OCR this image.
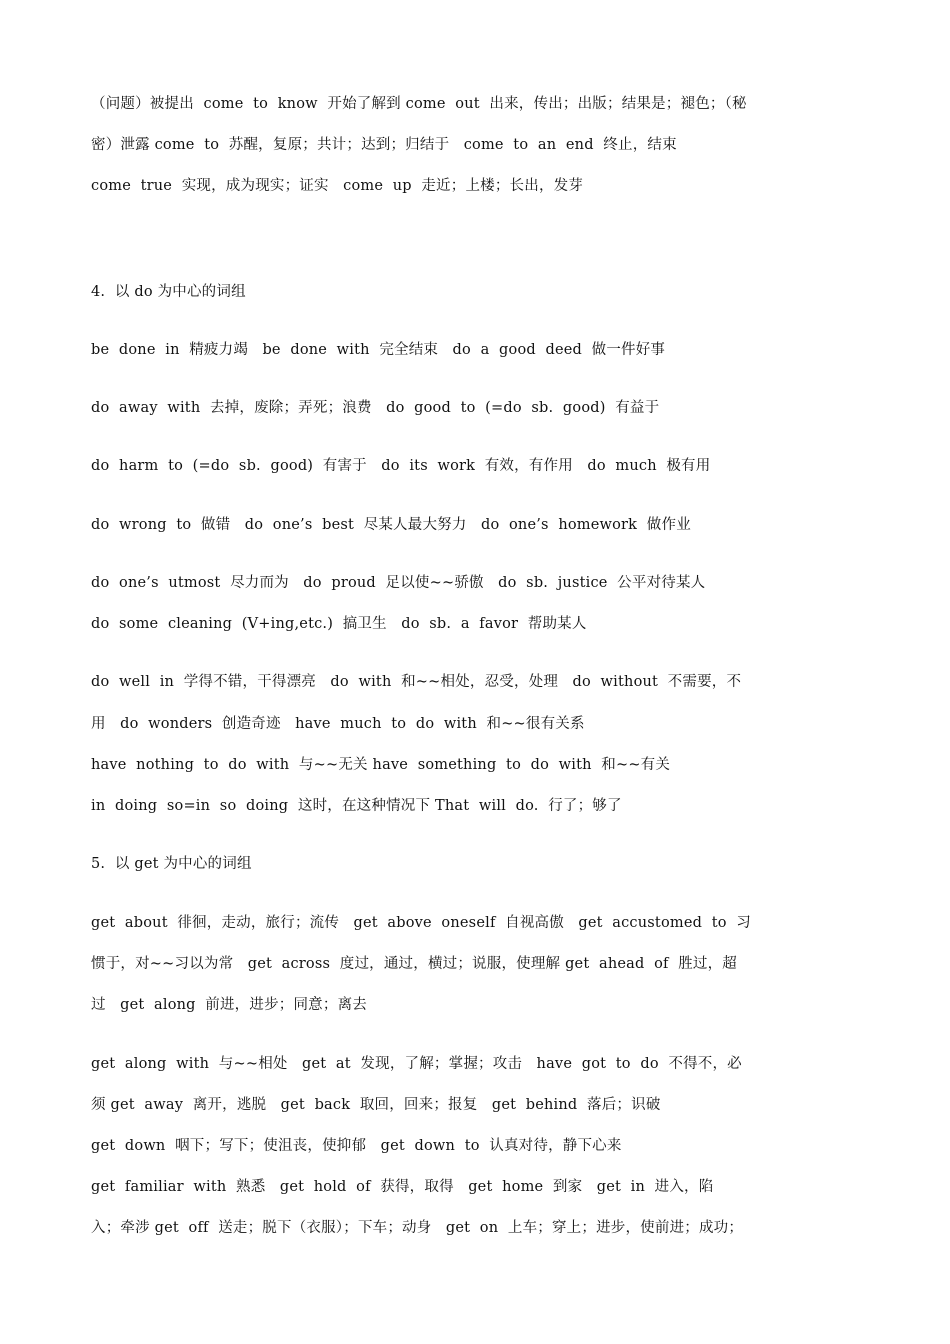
（问题）被提出  come  to  know  开始了解到 come  out  出来，传出；出版；结果是；褪色；（秘
密）泄露 come  to  苏醒，复原；共计；达到；归结于   come  to  an  end  终止，结束
come  true  实现，成为现实；证实   come  up  走近；上楼；长出，发芽
4.  以 do 为中心的词组
be  done  in  精疲力竭   be  done  with  完全结束   do  a  good  deed  做一件好事
do  away  with  去掉，废除；弄死；浪费   do  good  to  (=do  sb.  good)  有益于
do  harm  to  (=do  sb.  good)  有害于   do  its  work  有效，有作用   do  much  极有用
do  wrong  to  做错   do  one’s  best  尽某人最大努力   do  one’s  homework  做作业
do  one’s  utmost  尽力而为   do  proud  足以使~~骄傲   do  sb.  justice  公平对待某人
do  some  cleaning  (V+ing,etc.)  搞卫生   do  sb.  a  favor  帮助某人
do  well  in  学得不错，干得漂亮   do  with  和~~相处，忍受，处理   do  without  不需要，不
用   do  wonders  创造奇迹   have  much  to  do  with  和~~很有关系
have  nothing  to  do  with  与~~无关 have  something  to  do  with  和~~有关
in  doing  so=in  so  doing  这时，在这种情况下 That  will  do.  行了；够了
5.  以 get 为中心的词组
get  about  徘徊，走动，旅行；流传   get  above  oneself  自视高傲   get  accustomed  to  习
惯于，对~~习以为常   get  across  度过，通过，横过；说服，使理解 get  ahead  of  胜过，超
过   get  along  前进，进步；同意；离去
get  along  with  与~~相处   get  at  发现，了解；掌握；攻击   have  got  to  do  不得不，必
须 get  away  离开，逃脱   get  back  取回，回来；报复   get  behind  落后；识破
get  down  咽下；写下；使沮丧，使抑郁   get  down  to  认真对待，静下心来
get  familiar  with  熟悉   get  hold  of  获得，取得   get  home  到家   get  in  进入，陷
入；牵涉 get  off  送走；脱下（衣服）；下车；动身   get  on  上车；穿上；进步，使前进；成功；
